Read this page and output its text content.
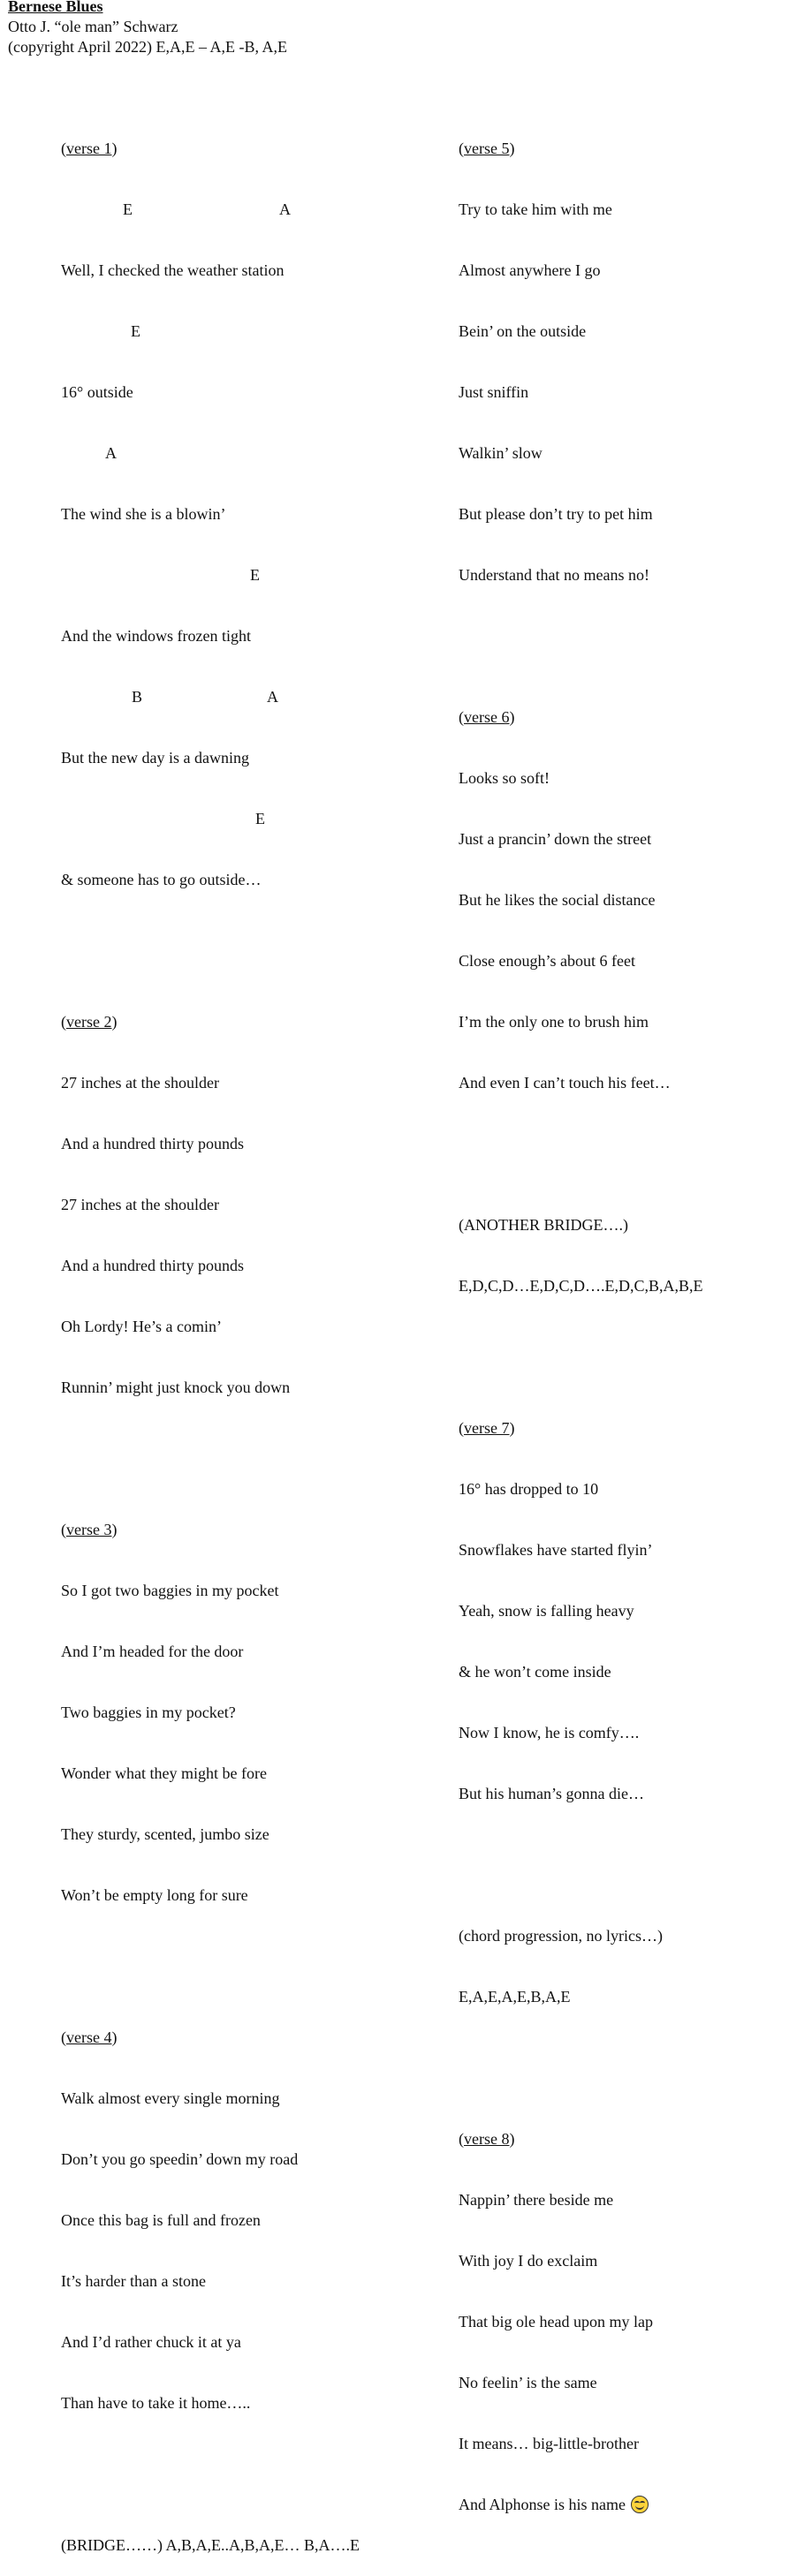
Bernese Blues
Otto J. “ole man” Schwarz
(copyright April 2022) E,A,E – A,E -B, A,E

(verse 1)

E

	A

Well, I checked the weather station

E

16° outside

A

The wind she is a blowin’

E

And the windows frozen tight

B

	A

But the new day is a dawning

E

& someone has to go outside…

(verse 2)

27 inches at the shoulder

And a hundred thirty pounds

27 inches at the shoulder

And a hundred thirty pounds

Oh Lordy! He’s a comin’

Runnin’ might just knock you down

(verse 3)

So I got two baggies in my pocket

And I’m headed for the door

Two baggies in my pocket?

Wonder what they might be fore

They sturdy, scented, jumbo size

Won’t be empty long for sure

(verse 4)

Walk almost every single morning

Don’t you go speedin’ down my road

Once this bag is full and frozen

It’s harder than a stone

And I’d rather chuck it at ya

Than have to take it home…..

(BRIDGE……) A,B,A,E..A,B,A,E… B,A….E

(verse 5)

Try to take him with me

Almost anywhere I go

Bein’ on the outside

Just sniffin

Walkin’ slow

But please don’t try to pet him

Understand that no means no!

(verse 6)

Looks so soft!

Just a prancin’ down the street

But he likes the social distance

Close enough’s about 6 feet

I’m the only one to brush him

And even I can’t touch his feet…

(ANOTHER BRIDGE….)

E,D,C,D…E,D,C,D….E,D,C,B,A,B,E

(verse 7)

16° has dropped to 10

Snowflakes have started flyin’

Yeah, snow is falling heavy

& he won’t come inside

Now I know, he is comfy….

But his human’s gonna die…

(chord progression, no lyrics…)

E,A,E,A,E,B,A,E

(verse 8)

Nappin’ there beside me

With joy I do exclaim

That big ole head upon my lap

No feelin’ is the same

It means… big-little-brother

And Alphonse is his name
